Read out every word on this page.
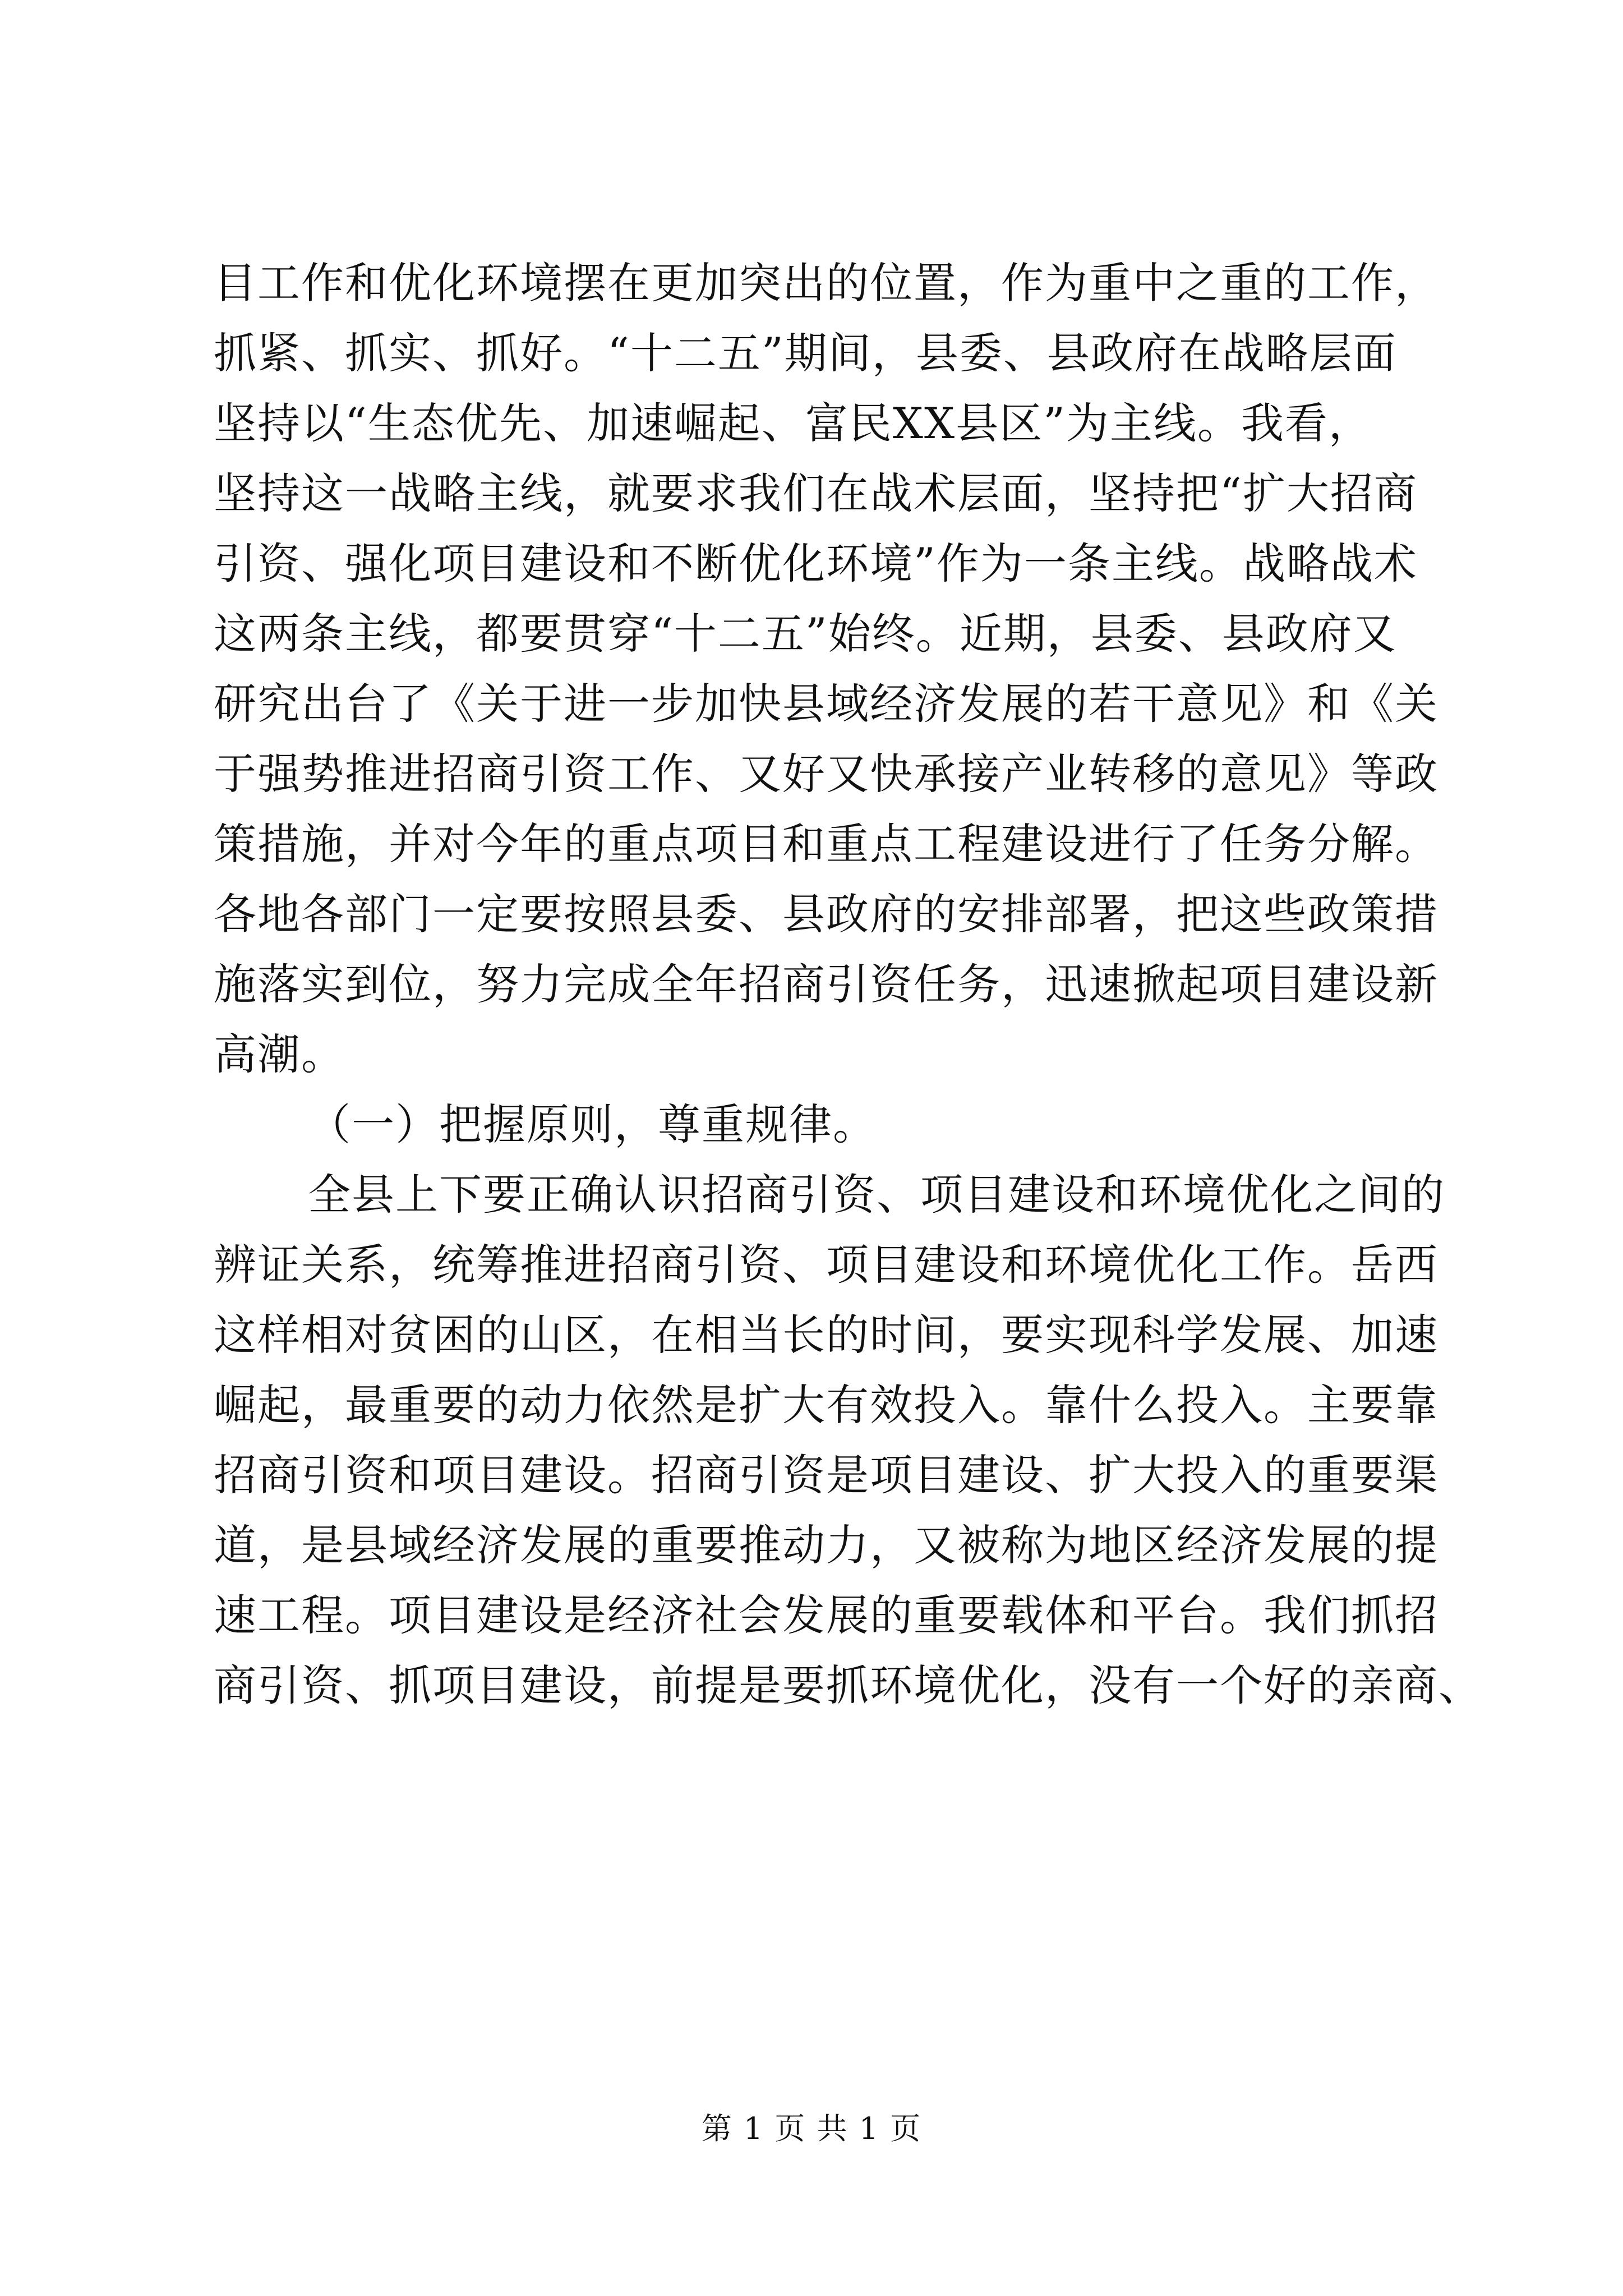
目工作和优化环境摆在更加突出的位置，作为重中之重的工作，
抓紧、抓实、抓好。“十二五”期间，县委、县政府在战略层面
坚持以“生态优先、加速崛起、富民XX县区”为主线。我看，
坚持这一战略主线，就要求我们在战术层面，坚持把“扩大招商
引资、强化项目建设和不断优化环境”作为一条主线。战略战术
这两条主线，都要贯穿“十二五”始终。近期，县委、县政府又
研究出台了《关于进一步加快县域经济发展的若干意见》和《关
于强势推进招商引资工作、又好又快承接产业转移的意见》等政
策措施，并对今年的重点项目和重点工程建设进行了任务分解。
各地各部门一定要按照县委、县政府的安排部署，把这些政策措
施落实到位，努力完成全年招商引资任务，迅速掀起项目建设新
高潮。
（一）把握原则，尊重规律。
全县上下要正确认识招商引资、项目建设和环境优化之间的
辨证关系，统筹推进招商引资、项目建设和环境优化工作。岳西
这样相对贫困的山区，在相当长的时间，要实现科学发展、加速
崛起，最重要的动力依然是扩大有效投入。靠什么投入。主要靠
招商引资和项目建设。招商引资是项目建设、扩大投入的重要渠
道，是县域经济发展的重要推动力，又被称为地区经济发展的提
速工程。项目建设是经济社会发展的重要载体和平台。我们抓招
商引资、抓项目建设，前提是要抓环境优化，没有一个好的亲商、
第 1 页 共 1 页
